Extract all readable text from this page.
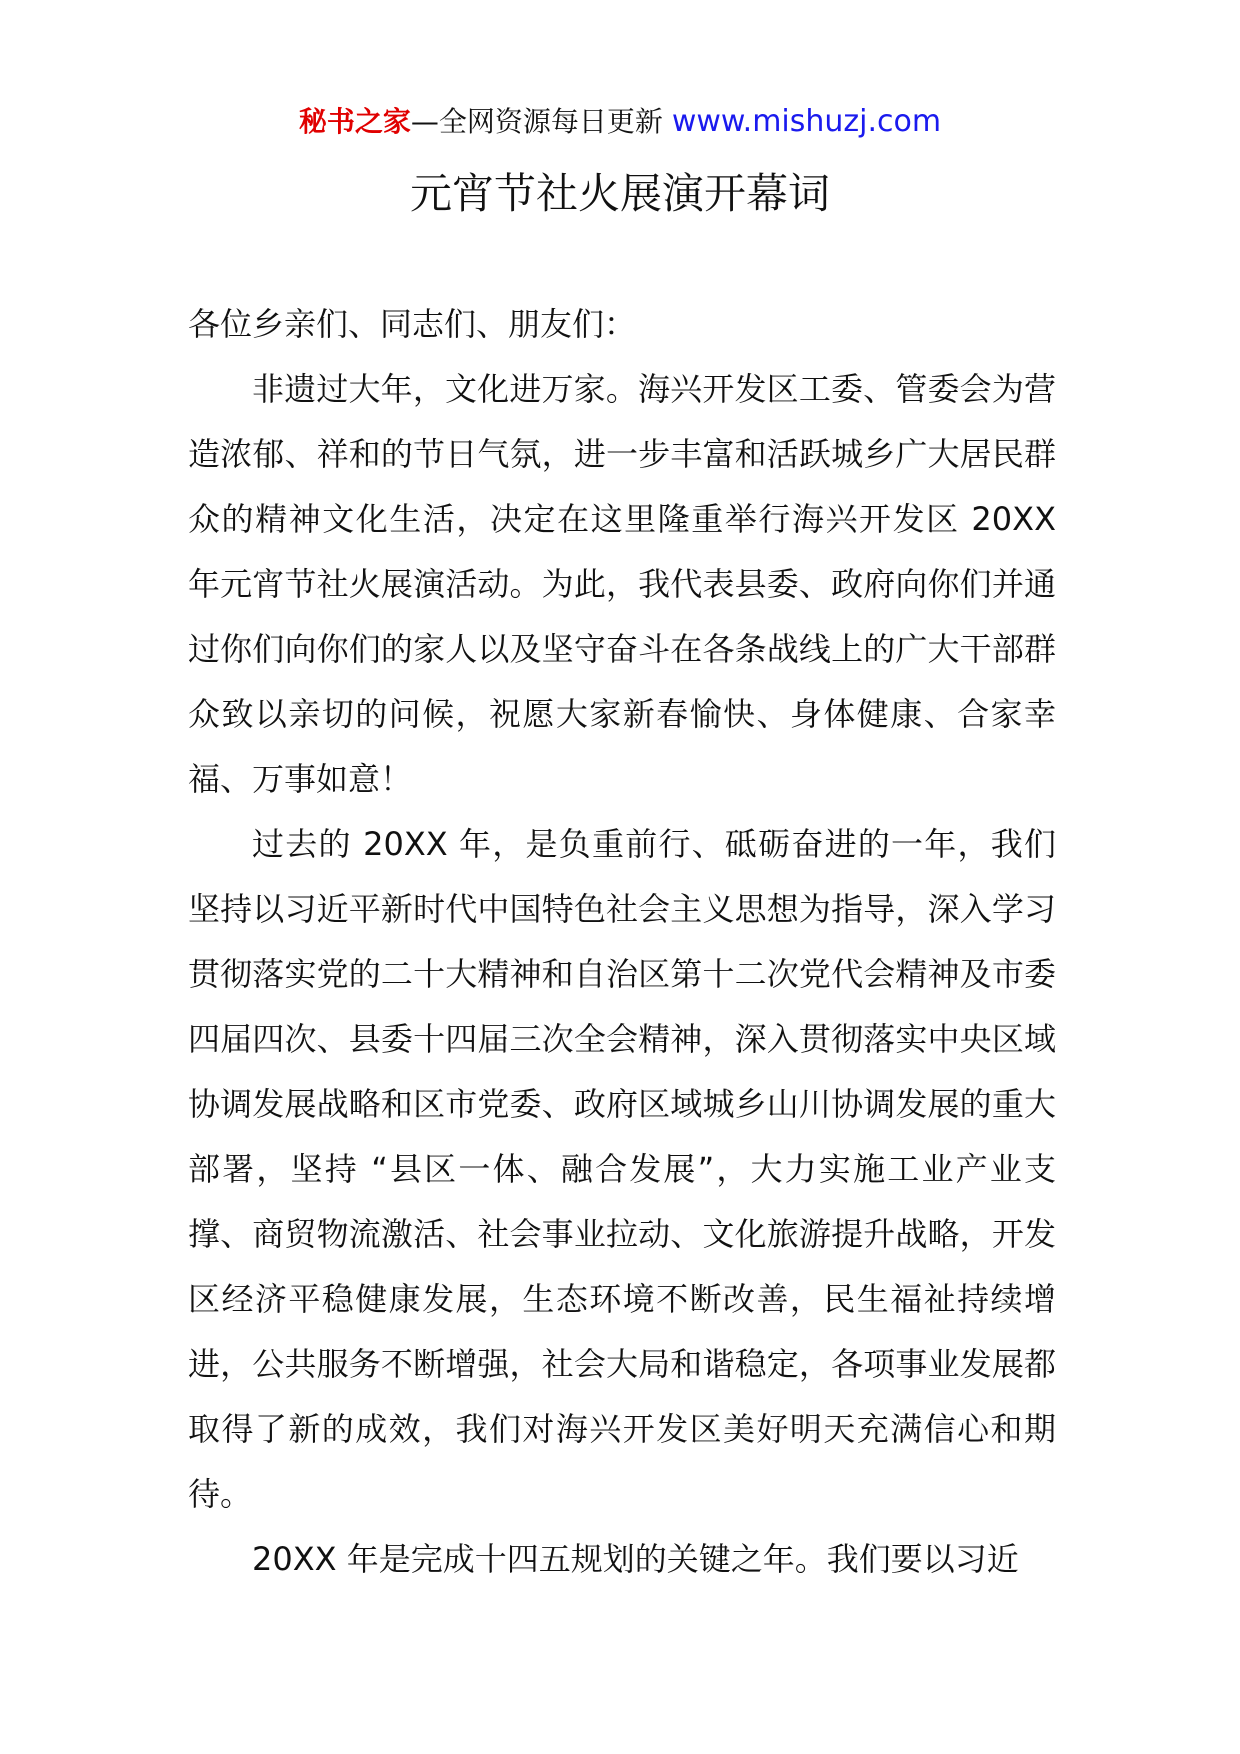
秘书之家—全网资源每日更新 www.mishuzj.com
元宵节社火展演开幕词

各位乡亲们、同志们、朋友们：

非遗过大年，文化进万家。海兴开发区工委、管委会为营造浓郁、祥和的节日气氛，进一步丰富和活跃城乡广大居民群众的精神文化生活，决定在这里隆重举行海兴开发区 20XX 年元宵节社火展演活动。为此，我代表县委、政府向你们并通过你们向你们的家人以及坚守奋斗在各条战线上的广大干部群众致以亲切的问候，祝愿大家新春愉快、身体健康、合家幸福、万事如意！

过去的 20XX 年，是负重前行、砥砺奋进的一年，我们坚持以习近平新时代中国特色社会主义思想为指导，深入学习贯彻落实党的二十大精神和自治区第十二次党代会精神及市委四届四次、县委十四届三次全会精神，深入贯彻落实中央区域协调发展战略和区市党委、政府区域城乡山川协调发展的重大部署，坚持 “县区一体、融合发展”，大力实施工业产业支撑、商贸物流激活、社会事业拉动、文化旅游提升战略，开发区经济平稳健康发展，生态环境不断改善，民生福祉持续增进，公共服务不断增强，社会大局和谐稳定，各项事业发展都取得了新的成效，我们对海兴开发区美好明天充满信心和期待。

20XX 年是完成十四五规划的关键之年。我们要以习近
